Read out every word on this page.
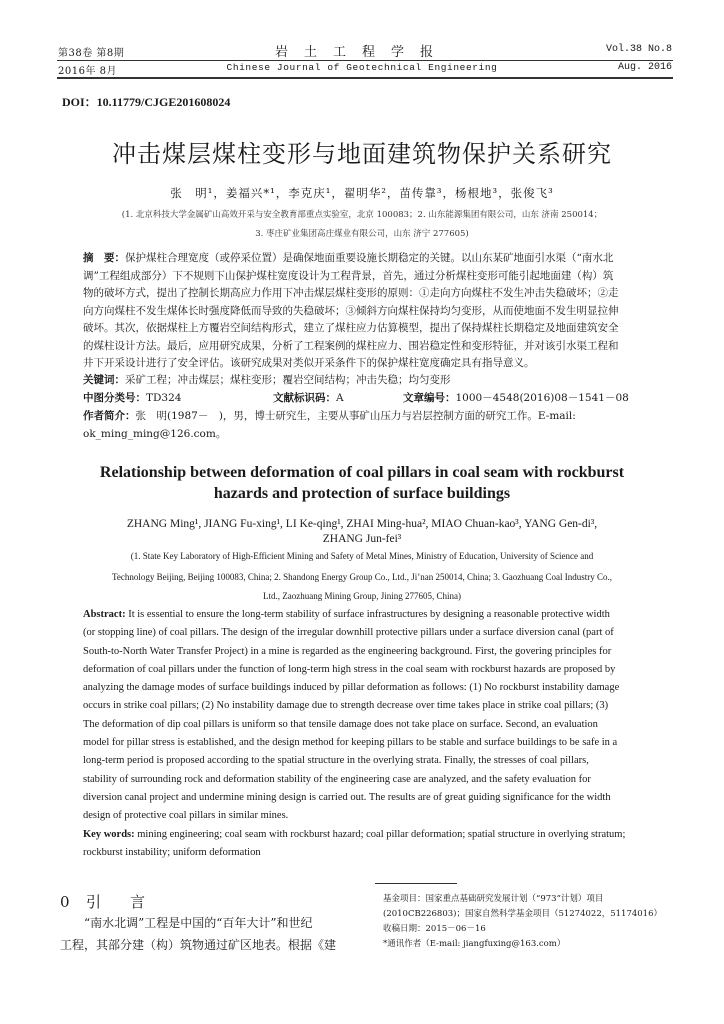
第38卷 第8期
2016年 8月
岩土工程学报
Chinese Journal of Geotechnical Engineering
Vol.38 No.8
Aug. 2016
DOI：10.11779/CJGE201608024
冲击煤层煤柱变形与地面建筑物保护关系研究
张　明¹，姜福兴*¹，李克庆¹，翟明华²，苗传靠³，杨根地³，张俊飞³
(1. 北京科技大学金属矿山高效开采与安全教育部重点实验室，北京 100083；2. 山东能源集团有限公司，山东 济南 250014；
3. 枣庄矿业集团高庄煤业有限公司，山东 济宁 277605)
摘　要：保护煤柱合理宽度（或停采位置）是确保地面重要设施长期稳定的关键。以山东某矿地面引水渠（“南水北
调”工程组成部分）下不规则下山保护煤柱宽度设计为工程背景，首先，通过分析煤柱变形可能引起地面建（构）筑
物的破坏方式，提出了控制长期高应力作用下冲击煤层煤柱变形的原则：①走向方向煤柱不发生冲击失稳破坏；②走
向方向煤柱不发生煤体长时强度降低而导致的失稳破坏；③倾斜方向煤柱保持均匀变形，从而使地面不发生明显拉伸
破坏。其次，依据煤柱上方覆岩空间结构形式，建立了煤柱应力估算模型，提出了保持煤柱长期稳定及地面建筑安全
的煤柱设计方法。最后，应用研究成果，分析了工程案例的煤柱应力、围岩稳定性和变形特征，并对该引水渠工程和
井下开采设计进行了安全评估。该研究成果对类似开采条件下的保护煤柱宽度确定具有指导意义。
关键词：采矿工程；冲击煤层；煤柱变形；覆岩空间结构；冲击失稳；均匀变形
中图分类号：TD324	文献标识码：A	文章编号：1000－4548(2016)08－1541－08
作者简介：张　明(1987－　)，男，博士研究生，主要从事矿山压力与岩层控制方面的研究工作。E-mail:
ok_ming_ming@126.com。
Relationship between deformation of coal pillars in coal seam with rockburst
hazards and protection of surface buildings
ZHANG Ming¹, JIANG Fu-xing¹, LI Ke-qing¹, ZHAI Ming-hua², MIAO Chuan-kao³, YANG Gen-di³,
ZHANG Jun-fei³
(1. State Key Laboratory of High-Efficient Mining and Safety of Metal Mines, Ministry of Education, University of Science and
Technology Beijing, Beijing 100083, China; 2. Shandong Energy Group Co., Ltd., Ji’nan 250014, China; 3. Gaozhuang Coal Industry Co.,
Ltd., Zaozhuang Mining Group, Jining 277605, China)
Abstract: It is essential to ensure the long-term stability of surface infrastructures by designing a reasonable protective width
(or stopping line) of coal pillars. The design of the irregular downhill protective pillars under a surface diversion canal (part of
South-to-North Water Transfer Project) in a mine is regarded as the engineering background. First, the govering principles for
deformation of coal pillars under the function of long-term high stress in the coal seam with rockburst hazards are proposed by
analyzing the damage modes of surface buildings induced by pillar deformation as follows: (1) No rockburst instability damage
occurs in strike coal pillars; (2) No instability damage due to strength decrease over time takes place in strike coal pillars; (3)
The deformation of dip coal pillars is uniform so that tensile damage does not take place on surface. Second, an evaluation
model for pillar stress is established, and the design method for keeping pillars to be stable and surface buildings to be safe in a
long-term period is proposed according to the spatial structure in the overlying strata. Finally, the stresses of coal pillars,
stability of surrounding rock and deformation stability of the engineering case are analyzed, and the safety evaluation for
diversion canal project and undermine mining design is carried out. The results are of great guiding significance for the width
design of protective coal pillars in similar mines.
Key words: mining engineering; coal seam with rockburst hazard; coal pillar deformation; spatial structure in overlying stratum;
rockburst instability; uniform deformation
0 引 言
　　“南水北调”工程是中国的“百年大计”和世纪
工程，其部分建（构）筑物通过矿区地表。根据《建
基金项目：国家重点基础研究发展计划（“973”计划）项目
(2010CB226803)；国家自然科学基金项目（51274022，51174016）
收稿日期：2015－06－16
*通讯作者（E-mail: jiangfuxing@163.com）
